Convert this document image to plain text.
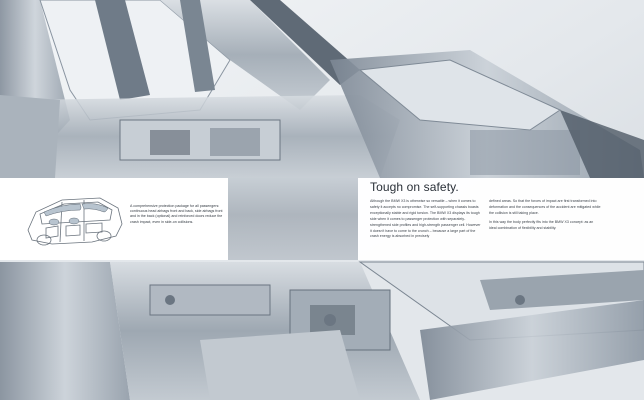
A comprehensive protection package for all passengers: continuous head airbags front and back, side airbags front and in the back (optional) and reinforced doors reduce the crash impact, even in side-on collisions.

Tough on safety.

Although the BMW X3 is otherwise so versatile – when it comes to safety it accepts no compromise. The self-supporting chassis boasts exceptionally stable and rigid torsion. The BMW X3 displays its tough side when it comes to passenger protection with separately-strengthened side profiles and high-strength passenger cell. However it doesn't have to come to the crunch – because a large part of the crash energy is absorbed in precisely

defined areas. So that the forces of impact are first transformed into deformation and the consequences of the accident are mitigated while the collision is still taking place.

In this way the body perfectly fits into the BMW X3 concept: as an ideal combination of flexibility and stability.
